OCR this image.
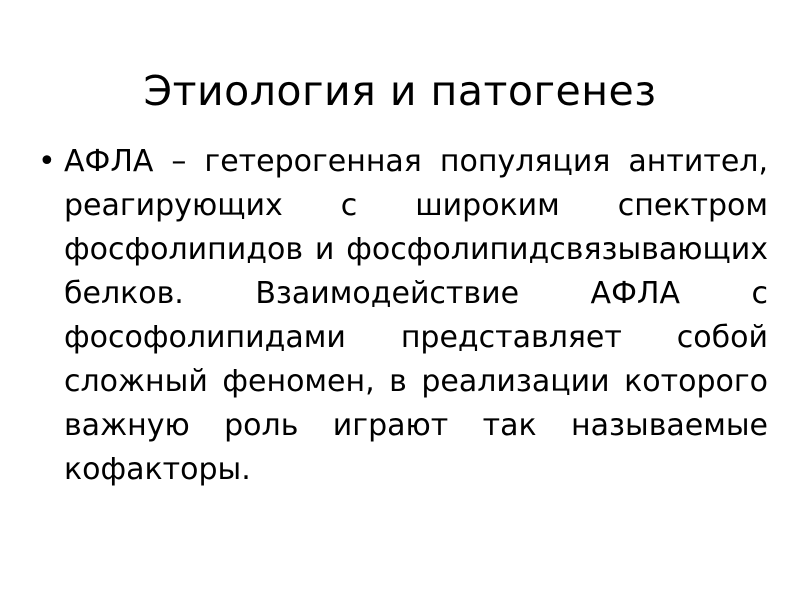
Этиология и патогенез
• АФЛА – гетерогенная популяция антител, реагирующих с широким спектром фосфолипидов и фосфолипидсвязывающих белков. Взаимодействие АФЛА с фософолипидами представляет собой сложный феномен, в реализации которого важную роль играют так называемые кофакторы.
